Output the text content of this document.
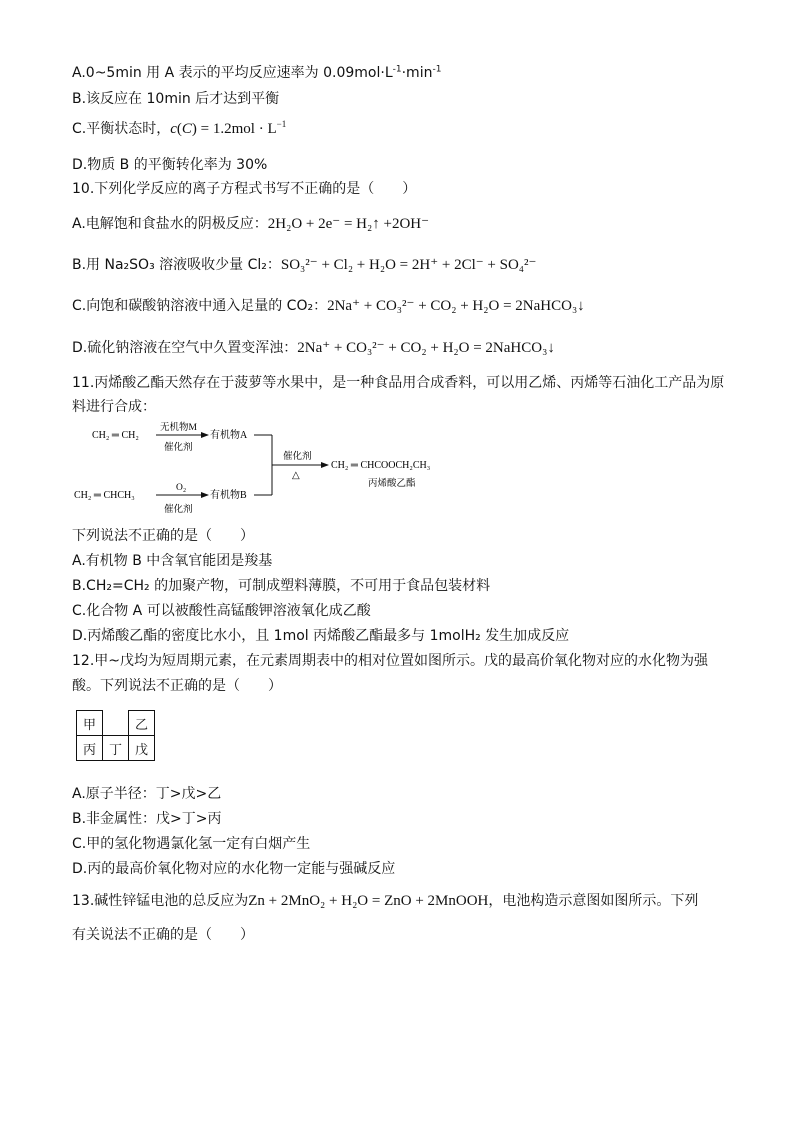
A.0~5min 用 A 表示的平均反应速率为 $0.09mol\cdot L^{-1}\cdot\min^{-1}$
B.该反应在 10min 后才达到平衡
C.平衡状态时，$c(C) = 1.2mol \cdot L^{-1}$
D.物质 B 的平衡转化率为 30%
10.下列化学反应的离子方程式书写不正确的是（　　）
A.电解饱和食盐水的阴极反应：2H₂O + 2e⁻ = H₂↑ +2OH⁻
B.用 Na₂SO₃ 溶液吸收少量 Cl₂：SO₃²⁻ + Cl₂ + H₂O = 2H⁺ + 2Cl⁻ + SO₄²⁻
C.向饱和碳酸钠溶液中通入足量的 CO₂：2Na⁺ + CO₃²⁻ + CO₂ + H₂O = 2NaHCO₃↓
D.硫化钠溶液在空气中久置变浑浊：2Na⁺ + CO₃²⁻ + CO₂ + H₂O = 2NaHCO₃↓
11.丙烯酸乙酯天然存在于菠萝等水果中，是一种食品用合成香料，可以用乙烯、丙烯等石油化工产品为原
料进行合成：
CH₂ ═ CH₂
无机物M
催化剂
有机物A
CH₂ ═ CHCH₃
O₂
催化剂
有机物B
催化剂
△
CH₂ ═ CHCOOCH₂CH₃
丙烯酸乙酯
下列说法不正确的是（　　）
A.有机物 B 中含氧官能团是羧基
B.CH₂=CH₂ 的加聚产物，可制成塑料薄膜，不可用于食品包装材料
C.化合物 A 可以被酸性高锰酸钾溶液氧化成乙酸
D.丙烯酸乙酯的密度比水小，且 1mol 丙烯酸乙酯最多与 1molH₂ 发生加成反应
12.甲~戊均为短周期元素，在元素周期表中的相对位置如图所示。戊的最高价氧化物对应的水化物为强
酸。下列说法不正确的是（　　）
甲		乙
丙	丁	戊
A.原子半径：丁>戊>乙
B.非金属性：戊>丁>丙
C.甲的氢化物遇氯化氢一定有白烟产生
D.丙的最高价氧化物对应的水化物一定能与强碱反应
13.碱性锌锰电池的总反应为Zn + 2MnO₂ + H₂O = ZnO + 2MnOOH，电池构造示意图如图所示。下列
有关说法不正确的是（　　）
